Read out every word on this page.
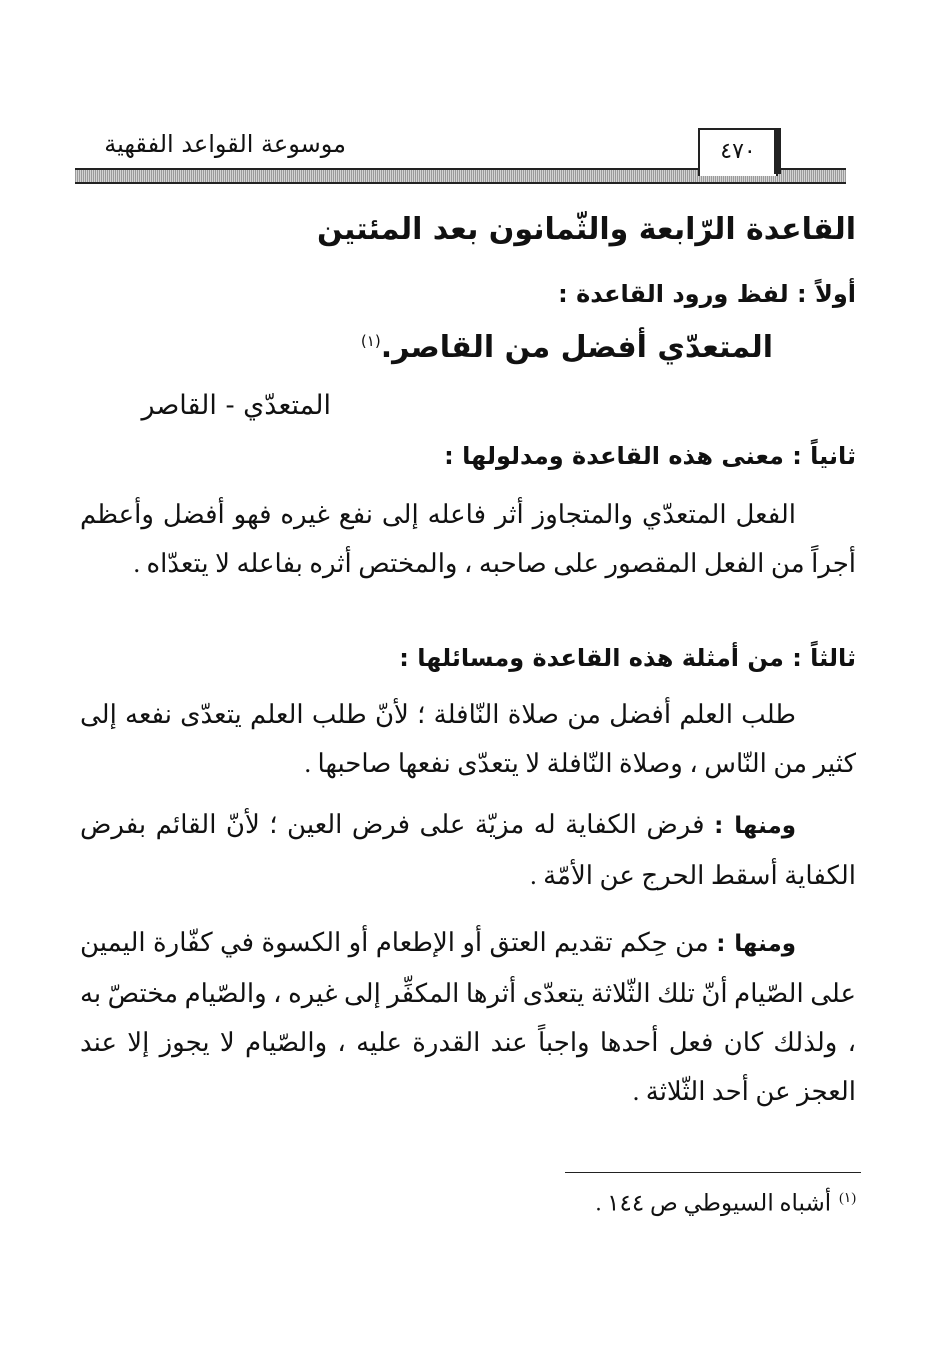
٤٧٠
موسوعة القواعد الفقهية
القاعدة الرّابعة والثّمانون بعد المئتين
أولاً : لفظ ورود القاعدة :
المتعدّي أفضل من القاصر.$^{(١)}$
المتعدّي - القاصر
ثانياً : معنى هذه القاعدة ومدلولها :
الفعل المتعدّي والمتجاوز أثر فاعله إلى نفع غيره فهو أفضل وأعظم أجراً من الفعل المقصور على صاحبه ، والمختص أثره بفاعله لا يتعدّاه .
ثالثاً : من أمثلة هذه القاعدة ومسائلها :
طلب العلم أفضل من صلاة النّافلة ؛ لأنّ طلب العلم يتعدّى نفعه إلى كثير من النّاس ، وصلاة النّافلة لا يتعدّى نفعها صاحبها .
ومنها : فرض الكفاية له مزيّة على فرض العين ؛ لأنّ القائم بفرض الكفاية أسقط الحرج عن الأمّة .
ومنها : من حِكم تقديم العتق أو الإطعام أو الكسوة في كفّارة اليمين على الصّيام أنّ تلك الثّلاثة يتعدّى أثرها المكفِّر إلى غيره ، والصّيام مختصّ به ، ولذلك كان فعل أحدها واجباً عند القدرة عليه ، والصّيام لا يجوز إلا عند العجز عن أحد الثّلاثة .
$^{(١)}$أشباه السيوطي ص ١٤٤ .
